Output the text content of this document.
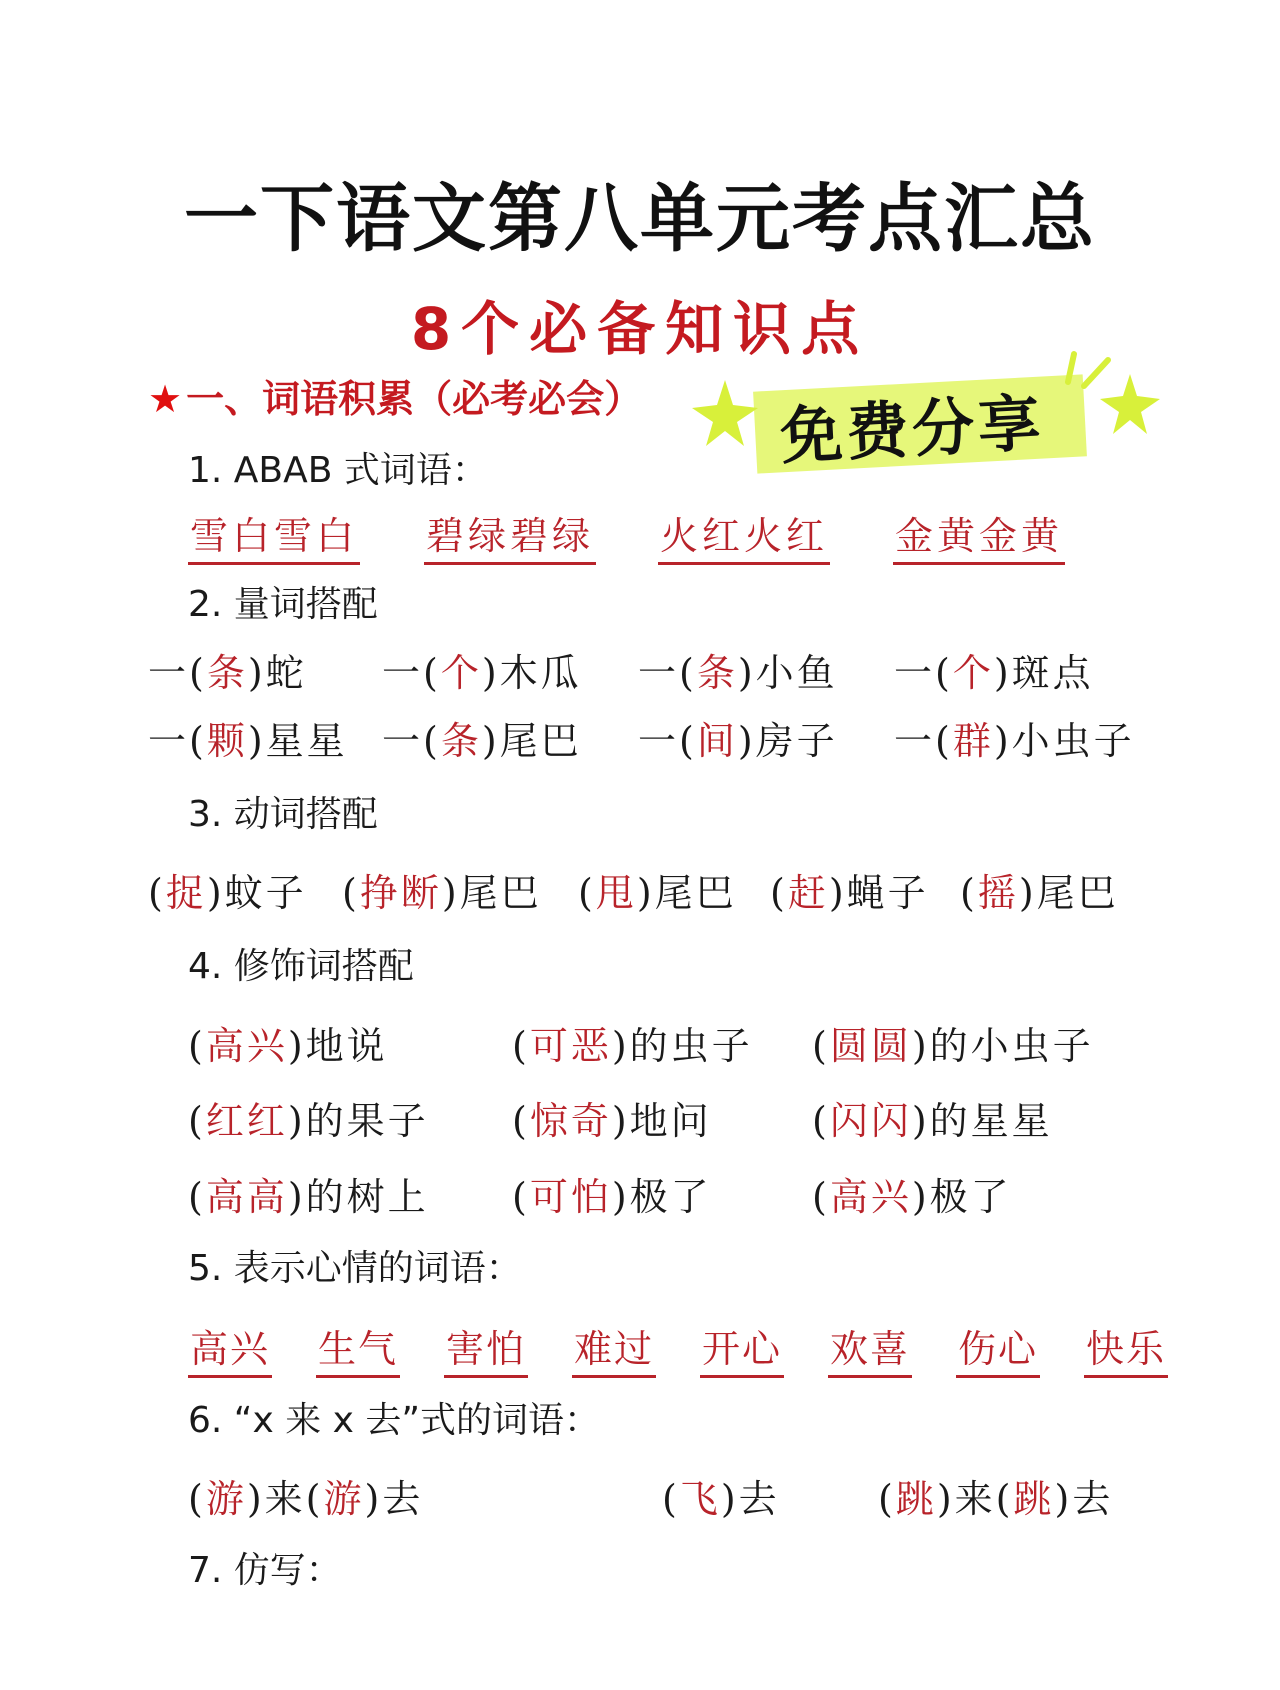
一下语文第八单元考点汇总
8个必备知识点
★ 一、词语积累（必考必会） 免费分享
1. ABAB 式词语：
雪白雪白 碧绿碧绿 火红火红 金黄金黄
2. 量词搭配
一(条)蛇 一(个)木瓜 一(条)小鱼 一(个)斑点
一(颗)星星 一(条)尾巴 一(间)房子 一(群)小虫子
3. 动词搭配
(捉)蚊子 (挣断)尾巴 (甩)尾巴 (赶)蝇子 (摇)尾巴
4. 修饰词搭配
(高兴)地说	(可恶)的虫子 (圆圆)的小虫子
(红红)的果子 (惊奇)地问	(闪闪)的星星
(高高)的树上 (可怕)极了	(高兴)极了
5. 表示心情的词语：
高兴 生气 害怕 难过 开心 欢喜 伤心 快乐
6. “x 来 x 去”式的词语：
(游)来(游)去	(飞)去	(跳)来(跳)去
7. 仿写：
